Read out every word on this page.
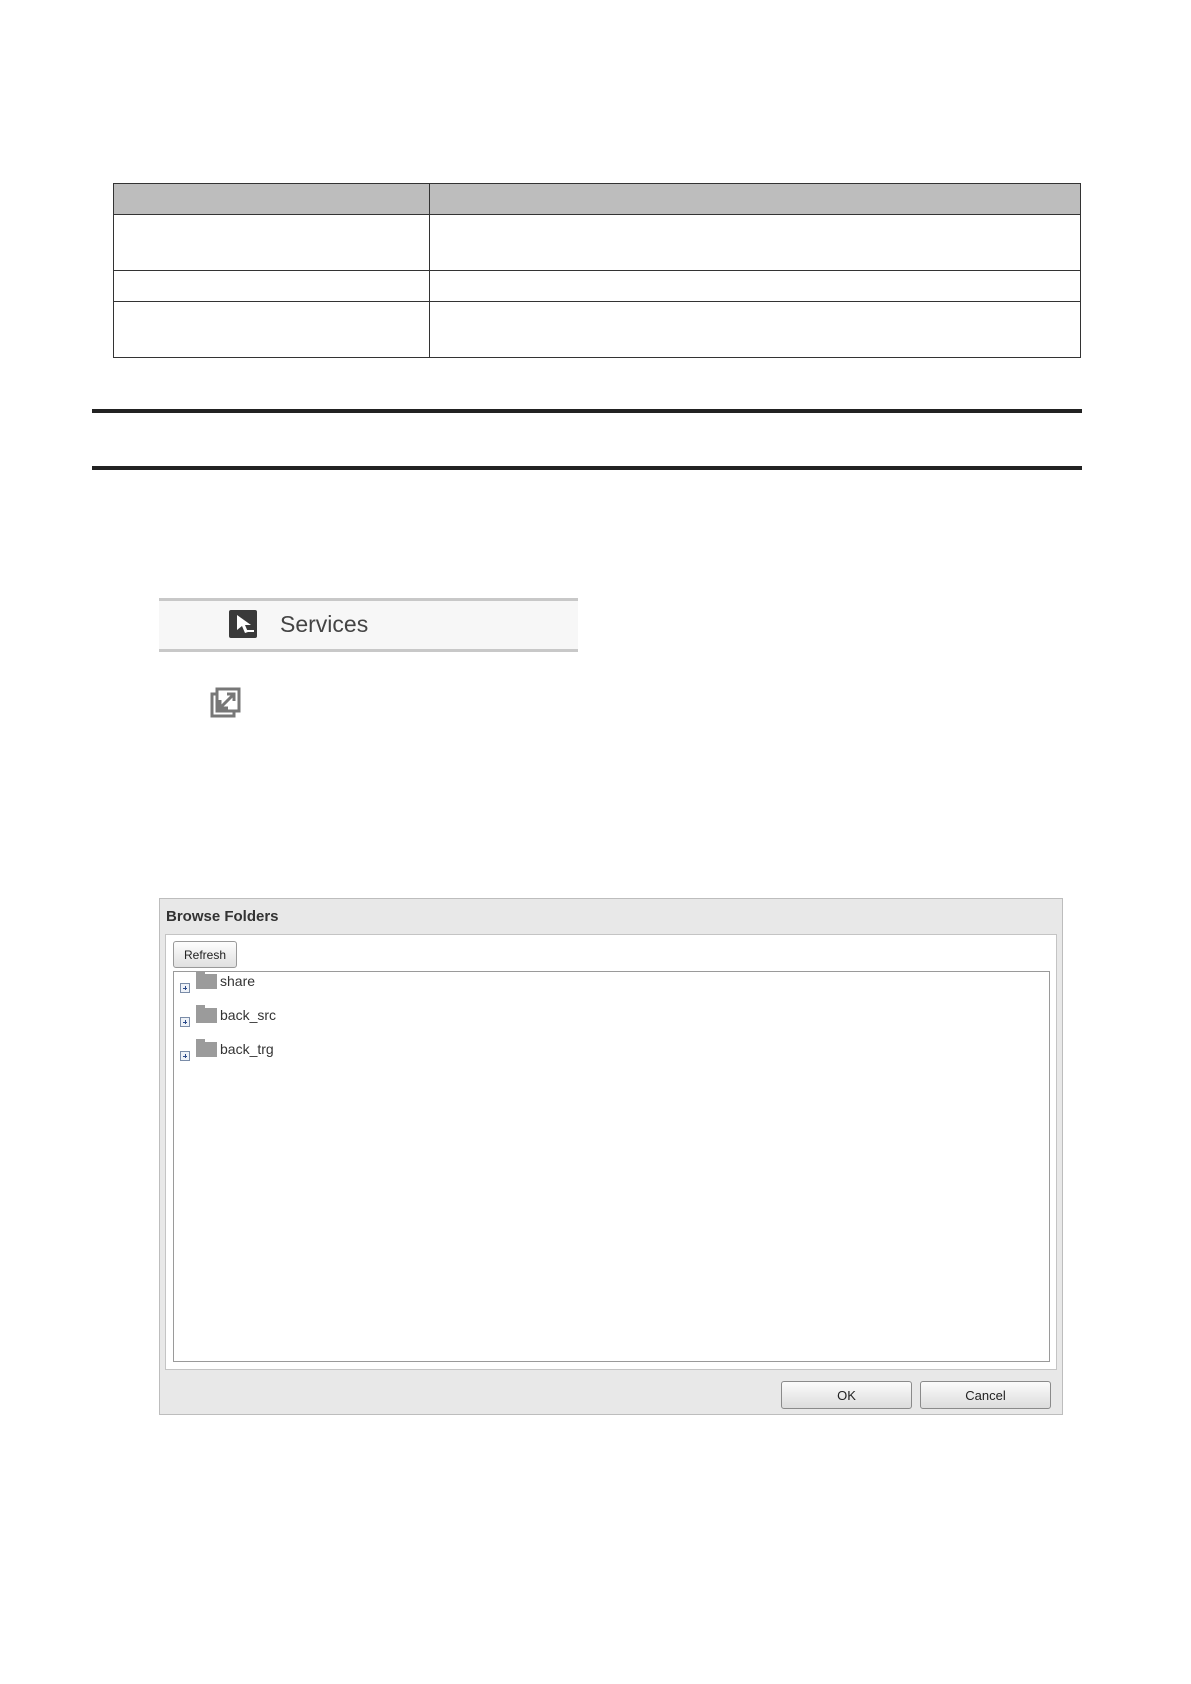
Services
Browse Folders
Refresh
share
back_src
back_trg
OK	Cancel
